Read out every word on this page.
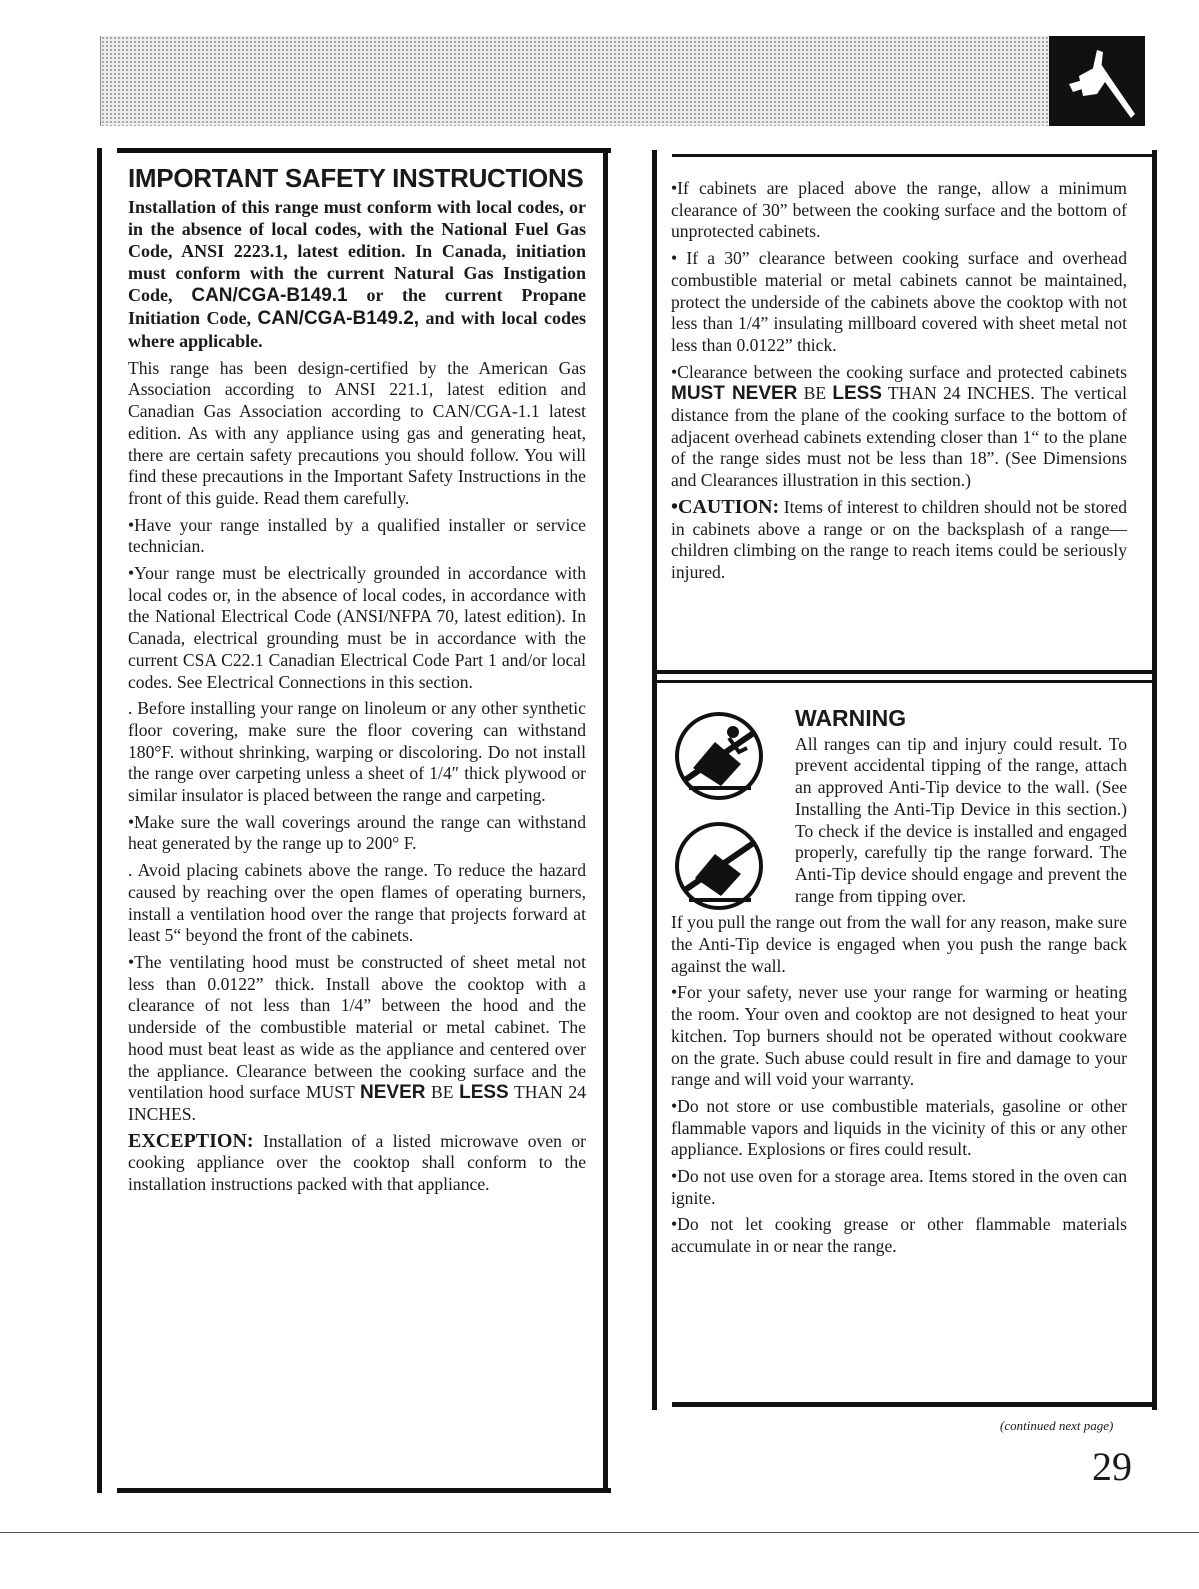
IMPORTANT SAFETY INSTRUCTIONS
Installation of this range must conform with local codes, or in the absence of local codes, with the National Fuel Gas Code, ANSI 2223.1, latest edition. In Canada, initiation must conform with the current Natural Gas Instigation Code, CAN/CGA-B149.1 or the current Propane Initiation Code, CAN/CGA-B149.2, and with local codes where applicable.

This range has been design-certified by the American Gas Association according to ANSI 221.1, latest edition and Canadian Gas Association according to CAN/CGA-1.1 latest edition. As with any appliance using gas and generating heat, there are certain safety precautions you should follow. You will find these precautions in the Important Safety Instructions in the front of this guide. Read them carefully.

•Have your range installed by a qualified installer or service technician.

•Your range must be electrically grounded in accordance with local codes or, in the absence of local codes, in accordance with the National Electrical Code (ANSI/NFPA 70, latest edition). In Canada, electrical grounding must be in accordance with the current CSA C22.1 Canadian Electrical Code Part 1 and/or local codes. See Electrical Connections in this section.

. Before installing your range on linoleum or any other synthetic floor covering, make sure the floor covering can withstand 180°F. without shrinking, warping or discoloring. Do not install the range over carpeting unless a sheet of 1/4″ thick plywood or similar insulator is placed between the range and carpeting.

•Make sure the wall coverings around the range can withstand heat generated by the range up to 200° F.

. Avoid placing cabinets above the range. To reduce the hazard caused by reaching over the open flames of operating burners, install a ventilation hood over the range that projects forward at least 5“ beyond the front of the cabinets.

•The ventilating hood must be constructed of sheet metal not less than 0.0122” thick. Install above the cooktop with a clearance of not less than 1/4” between the hood and the underside of the combustible material or metal cabinet. The hood must beat least as wide as the appliance and centered over the appliance. Clearance between the cooking surface and the ventilation hood surface MUST NEVER BE LESS THAN 24 INCHES.

EXCEPTION: Installation of a listed microwave oven or cooking appliance over the cooktop shall conform to the installation instructions packed with that appliance.

•If cabinets are placed above the range, allow a minimum clearance of 30” between the cooking surface and the bottom of unprotected cabinets.

• If a 30” clearance between cooking surface and overhead combustible material or metal cabinets cannot be maintained, protect the underside of the cabinets above the cooktop with not less than 1/4” insulating millboard covered with sheet metal not less than 0.0122” thick.

•Clearance between the cooking surface and protected cabinets MUST NEVER BE LESS THAN 24 INCHES. The vertical distance from the plane of the cooking surface to the bottom of adjacent overhead cabinets extending closer than 1“ to the plane of the range sides must not be less than 18”. (See Dimensions and Clearances illustration in this section.)

•CAUTION: Items of interest to children should not be stored in cabinets above a range or on the backsplash of a range—children climbing on the range to reach items could be seriously injured.

WARNING

All ranges can tip and injury could result. To prevent accidental tipping of the range, attach an approved Anti-Tip device to the wall. (See Installing the Anti-Tip Device in this section.) To check if the device is installed and engaged properly, carefully tip the range forward. The Anti-Tip device should engage and prevent the range from tipping over.

If you pull the range out from the wall for any reason, make sure the Anti-Tip device is engaged when you push the range back against the wall.

•For your safety, never use your range for warming or heating the room. Your oven and cooktop are not designed to heat your kitchen. Top burners should not be operated without cookware on the grate. Such abuse could result in fire and damage to your range and will void your warranty.

•Do not store or use combustible materials, gasoline or other flammable vapors and liquids in the vicinity of this or any other appliance. Explosions or fires could result.

•Do not use oven for a storage area. Items stored in the oven can ignite.

•Do not let cooking grease or other flammable materials accumulate in or near the range.

(continued next page)
29
